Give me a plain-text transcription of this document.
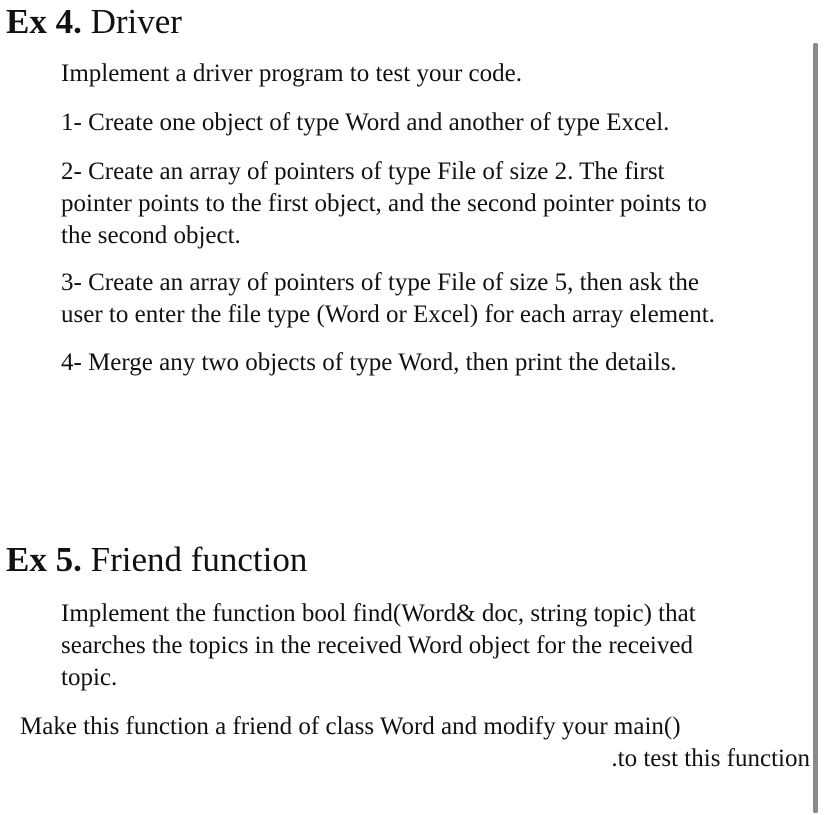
Ex 4. Driver

Implement a driver program to test your code.

1- Create one object of type Word and another of type Excel.

2- Create an array of pointers of type File of size 2. The first

pointer points to the first object, and the second pointer points to

the second object.

3- Create an array of pointers of type File of size 5, then ask the

user to enter the file type (Word or Excel) for each array element.

4- Merge any two objects of type Word, then print the details.

Ex 5. Friend function

Implement the function bool find(Word& doc, string topic) that

searches the topics in the received Word object for the received

topic.

Make this function a friend of class Word and modify your main()

.to test this function
